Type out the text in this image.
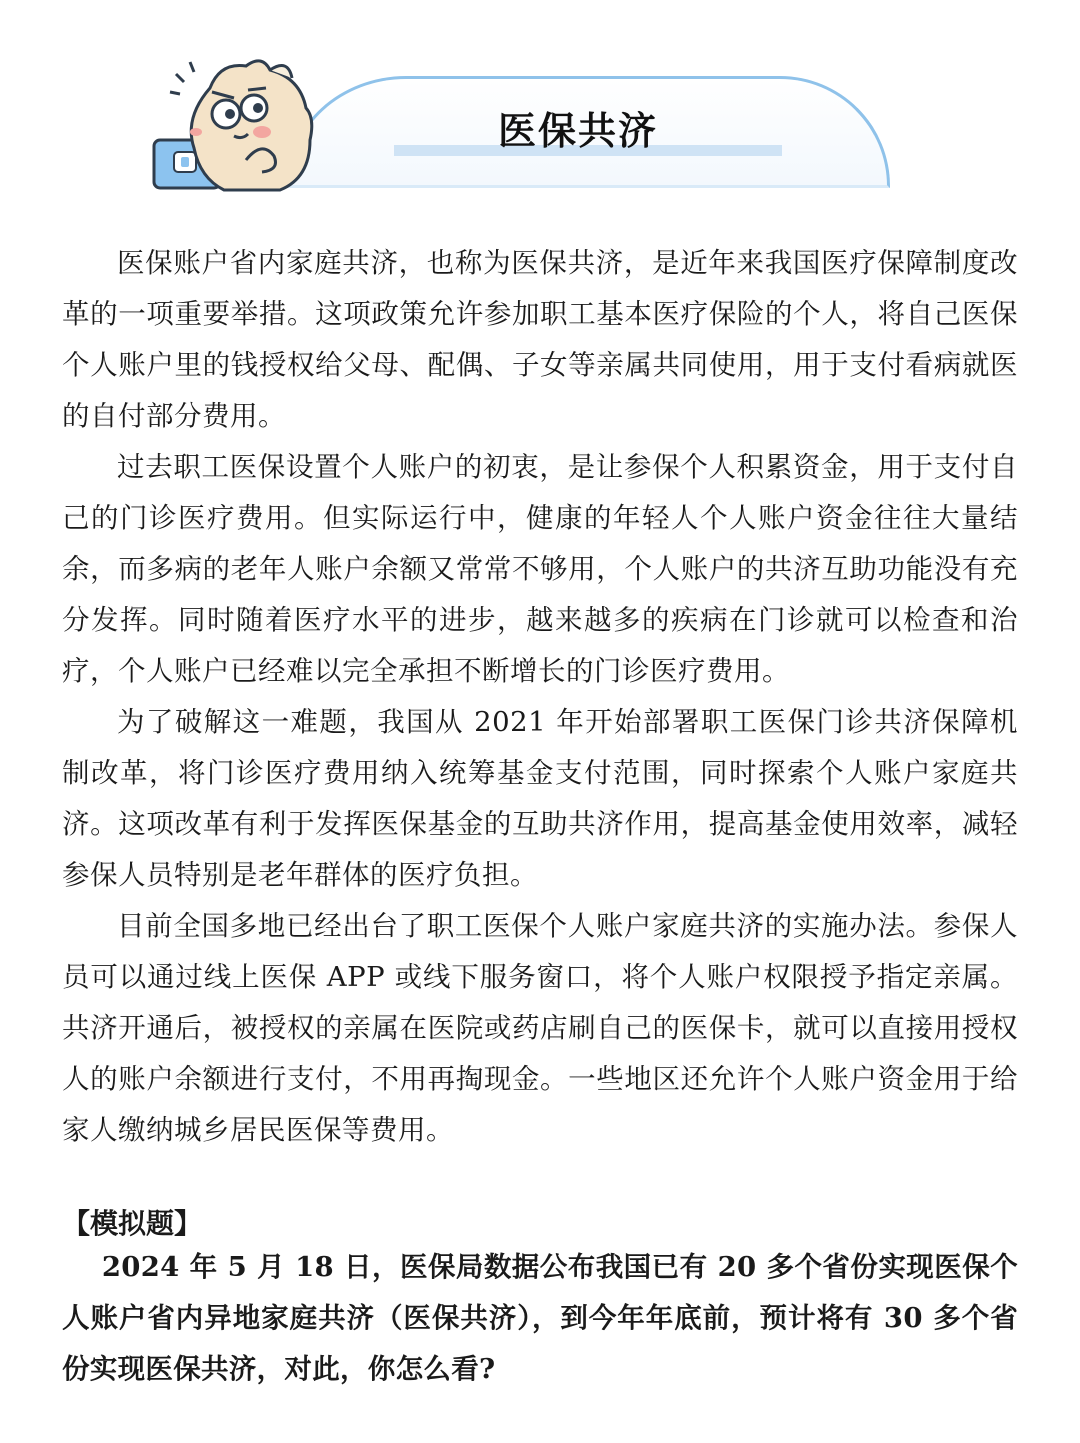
医保共济

医保账户省内家庭共济，也称为医保共济，是近年来我国医疗保障制度改革的一项重要举措。这项政策允许参加职工基本医疗保险的个人，将自己医保个人账户里的钱授权给父母、配偶、子女等亲属共同使用，用于支付看病就医的自付部分费用。

过去职工医保设置个人账户的初衷，是让参保个人积累资金，用于支付自己的门诊医疗费用。但实际运行中，健康的年轻人个人账户资金往往大量结余，而多病的老年人账户余额又常常不够用，个人账户的共济互助功能没有充分发挥。同时随着医疗水平的进步，越来越多的疾病在门诊就可以检查和治疗，个人账户已经难以完全承担不断增长的门诊医疗费用。

为了破解这一难题，我国从 2021 年开始部署职工医保门诊共济保障机制改革，将门诊医疗费用纳入统筹基金支付范围，同时探索个人账户家庭共济。这项改革有利于发挥医保基金的互助共济作用，提高基金使用效率，减轻参保人员特别是老年群体的医疗负担。

目前全国多地已经出台了职工医保个人账户家庭共济的实施办法。参保人员可以通过线上医保 APP 或线下服务窗口，将个人账户权限授予指定亲属。共济开通后，被授权的亲属在医院或药店刷自己的医保卡，就可以直接用授权人的账户余额进行支付，不用再掏现金。一些地区还允许个人账户资金用于给家人缴纳城乡居民医保等费用。

【模拟题】

2024 年 5 月 18 日，医保局数据公布我国已有 20 多个省份实现医保个人账户省内异地家庭共济（医保共济），到今年年底前，预计将有 30 多个省份实现医保共济，对此，你怎么看?
